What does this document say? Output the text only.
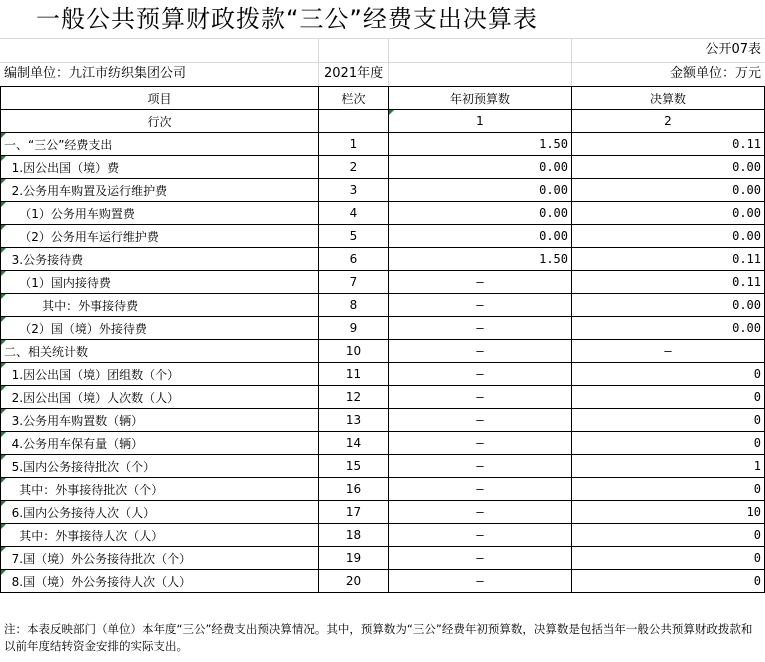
一般公共预算财政拨款“三公”经费支出决算表
公开07表
编制单位：九江市纺织集团公司	2021年度	金额单位：万元
项目	栏次	年初预算数	决算数
行次		1	2
一、“三公”经费支出	1	1.50	0.11
1.因公出国（境）费	2	0.00	0.00
2.公务用车购置及运行维护费	3	0.00	0.00
（1）公务用车购置费	4	0.00	0.00
（2）公务用车运行维护费	5	0.00	0.00
3.公务接待费	6	1.50	0.11
（1）国内接待费	7	–	0.11
其中：外事接待费	8	–	0.00
（2）国（境）外接待费	9	–	0.00
二、相关统计数	10	–	–
1.因公出国（境）团组数（个）	11	–	0
2.因公出国（境）人次数（人）	12	–	0
3.公务用车购置数（辆）	13	–	0
4.公务用车保有量（辆）	14	–	0
5.国内公务接待批次（个）	15	–	1
其中：外事接待批次（个）	16	–	0
6.国内公务接待人次（人）	17	–	10
其中：外事接待人次（人）	18	–	0
7.国（境）外公务接待批次（个）	19	–	0
8.国（境）外公务接待人次（人）	20	–	0
注：本表反映部门（单位）本年度“三公”经费支出预决算情况。其中，预算数为“三公”经费年初预算数，决算数是包括当年一般公共预算财政拨款和以前年度结转资金安排的实际支出。
